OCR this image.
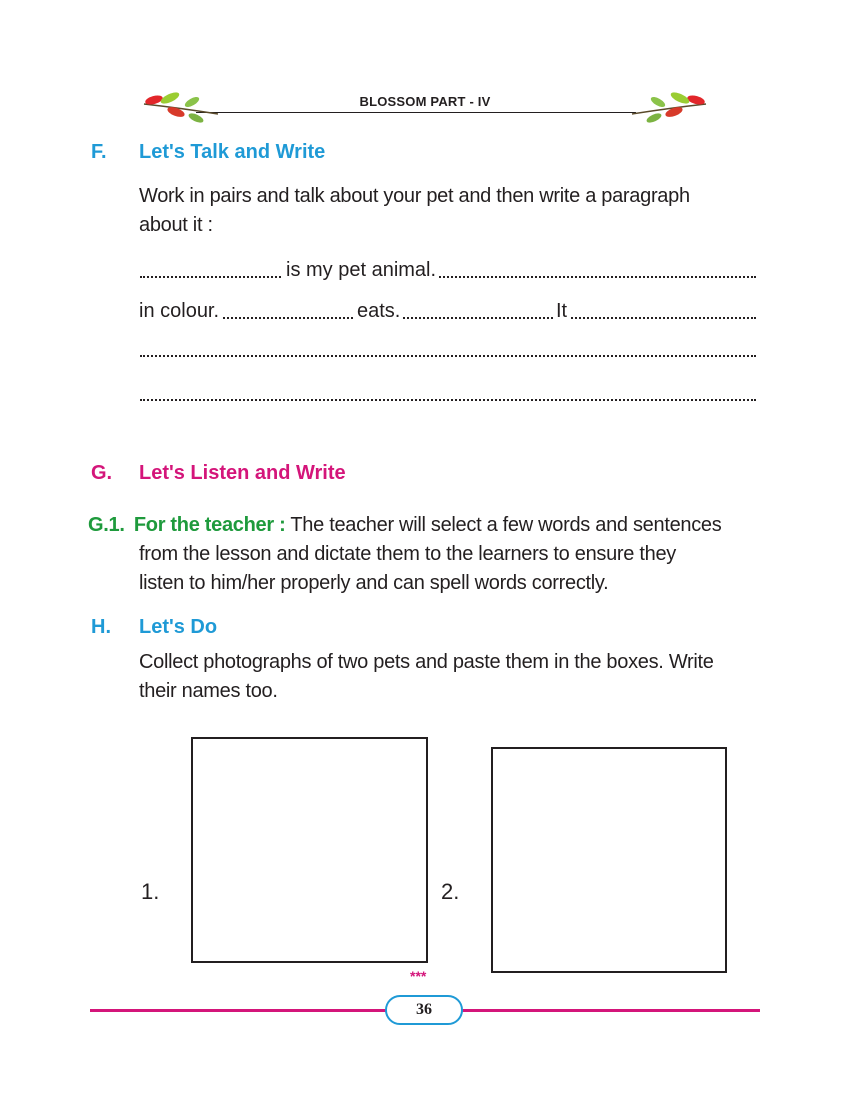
BLOSSOM PART - IV
F. Let's Talk and Write
Work in pairs and talk about your pet and then write a paragraph
about it :
is my pet animal.
in colour.	eats.	It
G. Let's Listen and Write
G.1. For the teacher : The teacher will select a few words and sentences
from the lesson and dictate them to the learners to ensure they
listen to him/her properly and can spell words correctly.
H. Let's Do
Collect photographs of two pets and paste them in the boxes. Write
their names too.
1.	2.
***
36
